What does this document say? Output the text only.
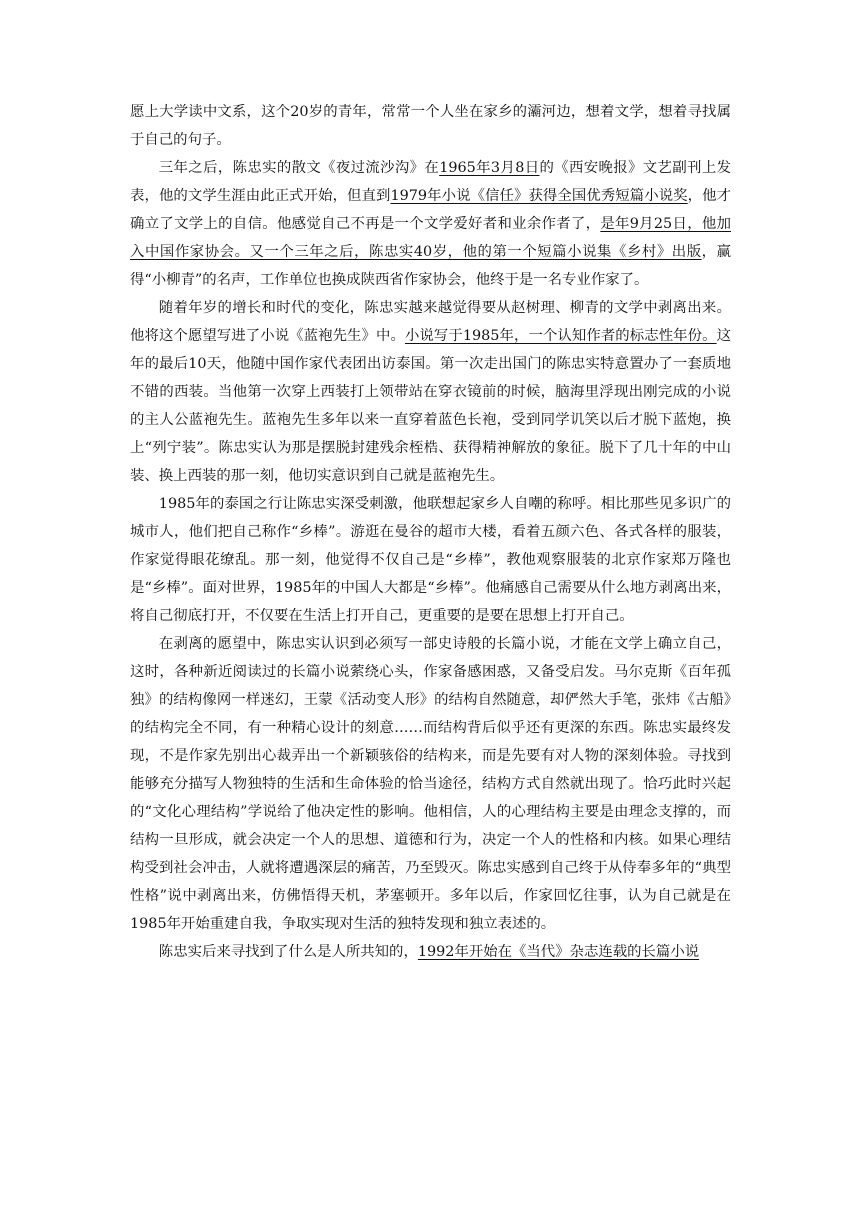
愿上大学读中文系，这个20岁的青年，常常一个人坐在家乡的灞河边，想着文学，想着寻找属于自己的句子。

三年之后，陈忠实的散文《夜过流沙沟》在1965年3月8日的《西安晚报》文艺副刊上发表，他的文学生涯由此正式开始，但直到1979年小说《信任》获得全国优秀短篇小说奖，他才确立了文学上的自信。他感觉自己不再是一个文学爱好者和业余作者了，是年9月25日，他加入中国作家协会。又一个三年之后，陈忠实40岁，他的第一个短篇小说集《乡村》出版，赢得“小柳青”的名声，工作单位也换成陕西省作家协会，他终于是一名专业作家了。

随着年岁的增长和时代的变化，陈忠实越来越觉得要从赵树理、柳青的文学中剥离出来。他将这个愿望写进了小说《蓝袍先生》中。小说写于1985年，一个认知作者的标志性年份。这年的最后10天，他随中国作家代表团出访泰国。第一次走出国门的陈忠实特意置办了一套质地不错的西装。当他第一次穿上西装打上领带站在穿衣镜前的时候，脑海里浮现出刚完成的小说的主人公蓝袍先生。蓝袍先生多年以来一直穿着蓝色长袍，受到同学讥笑以后才脱下蓝炮，换上“列宁装”。陈忠实认为那是摆脱封建残余桎梏、获得精神解放的象征。脱下了几十年的中山装、换上西装的那一刻，他切实意识到自己就是蓝袍先生。

1985年的泰国之行让陈忠实深受刺激，他联想起家乡人自嘲的称呼。相比那些见多识广的城市人，他们把自己称作“乡棒”。游逛在曼谷的超市大楼，看着五颜六色、各式各样的服装，作家觉得眼花缭乱。那一刻，他觉得不仅自己是“乡棒”，教他观察服装的北京作家郑万隆也是“乡棒”。面对世界，1985年的中国人大都是“乡棒”。他痛感自己需要从什么地方剥离出来，将自己彻底打开，不仅要在生活上打开自己，更重要的是要在思想上打开自己。

在剥离的愿望中，陈忠实认识到必须写一部史诗般的长篇小说，才能在文学上确立自己，这时，各种新近阅读过的长篇小说萦绕心头，作家备感困惑，又备受启发。马尔克斯《百年孤独》的结构像网一样迷幻，王蒙《活动变人形》的结构自然随意，却俨然大手笔，张炜《古船》的结构完全不同，有一种精心设计的刻意……而结构背后似乎还有更深的东西。陈忠实最终发现，不是作家先别出心裁弄出一个新颖骇俗的结构来，而是先要有对人物的深刻体验。寻找到能够充分描写人物独特的生活和生命体验的恰当途径，结构方式自然就出现了。恰巧此时兴起的“文化心理结构”学说给了他决定性的影响。他相信，人的心理结构主要是由理念支撑的，而结构一旦形成，就会决定一个人的思想、道德和行为，决定一个人的性格和内核。如果心理结构受到社会冲击，人就将遭遇深层的痛苦，乃至毁灭。陈忠实感到自己终于从侍奉多年的“典型性格”说中剥离出来，仿佛悟得天机，茅塞顿开。多年以后，作家回忆往事，认为自己就是在1985年开始重建自我，争取实现对生活的独特发现和独立表述的。

陈忠实后来寻找到了什么是人所共知的，1992年开始在《当代》杂志连载的长篇小说
